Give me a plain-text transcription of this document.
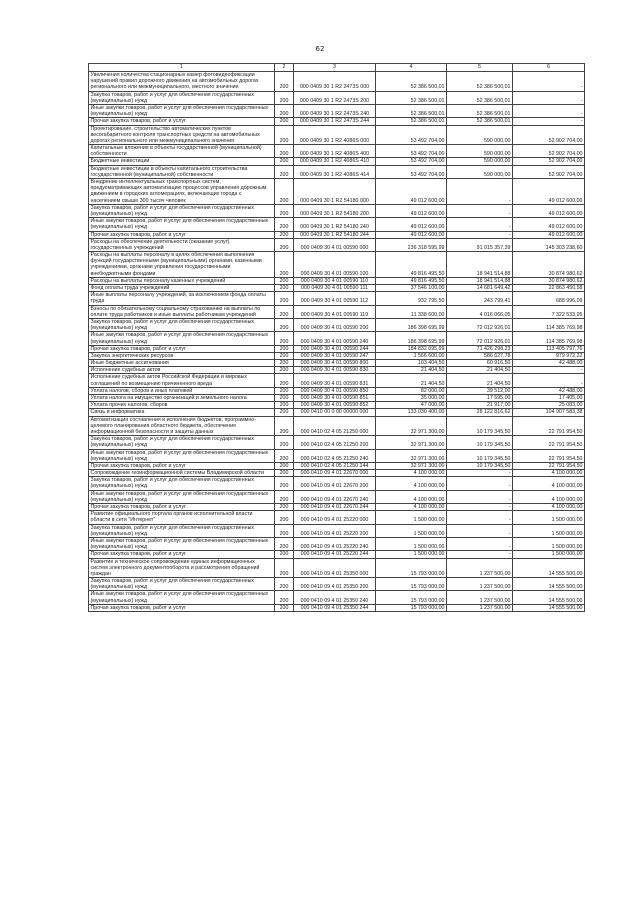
62
1	2	3	4	5	6
Увеличения количества стационарных камер фотовидеофиксации нарушений правил дорожного движения на автомобильных дорогах регионального или межмуниципального, местного значения	200	000 0409 30 1 R2 2473S 000	52 386 500,01	52 386 500,01	-
Закупка товаров, работ и услуг для обеспечения государственных (муниципальных) нужд	200	000 0409 30 1 R2 2473S 200	52 386 500,01	52 386 500,01	-
Иные закупки товаров, работ и услуг для обеспечения государственных (муниципальных) нужд	200	000 0409 30 1 R2 2473S 240	52 386 500,01	52 386 500,01	-
Прочая закупка товаров, работ и услуг	200	000 0409 30 1 R2 2473S 244	52 386 500,01	52 386 500,01	-
Проектирование, строительство автоматических пунктов весогабаритного контроля транспортных средств на автомобильных дорогах регионального или межмуниципального значения	200	000 0409 30 1 R2 4086S 000	53 492 704,00	590 000,00	52 902 704,00
Капитальные вложения в объекты государственной (муниципальной) собственности	200	000 0409 30 1 R2 4086S 400	53 492 704,00	590 000,00	52 902 704,00
Бюджетные инвестиции	200	000 0409 30 1 R2 4086S 410	53 492 704,00	590 000,00	52 902 704,00
Бюджетные инвестиции в объекты капитального строительства государственной (муниципальной) собственности	200	000 0409 30 1 R2 4086S 414	53 492 704,00	590 000,00	52 902 704,00
Внедрение интеллектуальных транспортных систем, предусматривающих автоматизацию процессов управления дорожным движением в городских агломерациях, включающих города с населением свыше 300 тысяч человек	200	000 0409 30 1 R2 54180 000	49 012 600,00	-	49 012 600,00
Закупка товаров, работ и услуг для обеспечения государственных (муниципальных) нужд	200	000 0409 30 1 R2 54180 200	49 012 600,00	-	49 012 600,00
Иные закупки товаров, работ и услуг для обеспечения государственных (муниципальных) нужд	200	000 0409 30 1 R2 54180 240	49 012 600,00	-	49 012 600,00
Прочая закупка товаров, работ и услуг	200	000 0409 30 1 R2 54180 244	49 012 600,00	-	49 012 600,00
Расходы на обеспечение деятельности (оказание услуг) государственных учреждений	200	000 0409 30 4 01 00590 000	236 318 595,99	91 015 357,39	145 303 238,60
Расходы на выплаты персоналу в целях обеспечения выполнения функций государственными (муниципальными) органами, казенными учреждениями, органами управления государственными внебюджетными фондами	200	000 0409 30 4 01 00590 100	49 816 495,50	18 941 514,88	30 874 980,62
Расходы на выплаты персоналу казенных учреждений	200	000 0409 30 4 01 00590 110	49 816 495,50	18 941 514,88	30 874 980,62
Фонд оплаты труда учреждений	200	000 0409 30 4 01 00590 111	37 546 100,00	14 681 649,42	22 863 450,58
Иные выплаты персоналу учреждений, за исключением фонда оплаты труда	200	000 0409 30 4 01 00590 112	932 795,50	243 799,41	688 996,09
Взносы по обязательному социальному страхованию на выплаты по оплате труда работников и иные выплаты работникам учреждений	200	000 0409 30 4 01 00590 119	11 338 600,00	4 016 066,05	7 322 533,95
Закупка товаров, работ и услуг для обеспечения государственных (муниципальных) нужд	200	000 0409 30 4 01 00590 200	186 398 695,99	72 012 926,01	114 385 769,98
Иные закупки товаров, работ и услуг для обеспечения государственных (муниципальных) нужд	200	000 0409 30 4 01 00590 240	186 398 695,99	72 012 926,01	114 385 769,98
Прочая закупка товаров, работ и услуг	200	000 0409 30 4 01 00590 244	184 832 095,99	71 426 298,23	113 405 797,76
Закупка энергетических ресурсов	200	000 0409 30 4 01 00590 247	1 566 600,00	586 627,78	979 972,22
Иные бюджетные ассигнования	200	000 0409 30 4 01 00590 800	103 404,50	60 916,50	42 488,00
Исполнение судебных актов	200	000 0409 30 4 01 00590 830	21 404,50	21 404,50	-
Исполнение судебных актов Российской Федерации и мировых соглашений по возмещению причиненного вреда	200	000 0409 30 4 01 00590 831	21 404,50	21 404,50	-
Уплата налогов, сборов и иных платежей	200	000 0409 30 4 01 00590 850	82 000,00	39 512,00	42 488,00
Уплата налога на имущество организаций и земельного налога	200	000 0409 30 4 01 00590 851	35 000,00	17 595,00	17 405,00
Уплата прочих налогов, сборов	200	000 0409 30 4 01 00590 852	47 000,00	21 917,00	25 083,00
Связь и информатика	200	000 0410 00 0 00 00000 000	133 030 400,00	28 122 816,62	104 907 583,38
Автоматизация составления и исполнения бюджетов, программно-целевого планирования областного бюджета, обеспечение информационной безопасности и защиты данных	200	000 0410 02 4 05 21250 000	32 971 300,00	10 179 345,50	22 791 954,50
Закупка товаров, работ и услуг для обеспечения государственных (муниципальных) нужд	200	000 0410 02 4 05 21250 200	32 971 300,00	10 179 345,50	22 791 954,50
Иные закупки товаров, работ и услуг для обеспечения государственных (муниципальных) нужд	200	000 0410 02 4 05 21250 240	32 971 300,00	10 179 345,50	22 791 954,50
Прочая закупка товаров, работ и услуг	200	000 0410 02 4 05 21250 244	32 971 300,00	10 179 345,50	22 791 954,50
Сопровождение геоинформационной системы Владимирской области	200	000 0410 09 4 01 22670 000	4 100 000,00	-	4 100 000,00
Закупка товаров, работ и услуг для обеспечения государственных (муниципальных) нужд	200	000 0410 09 4 01 22670 200	4 100 000,00	-	4 100 000,00
Иные закупки товаров, работ и услуг для обеспечения государственных (муниципальных) нужд	200	000 0410 09 4 01 22670 240	4 100 000,00	-	4 100 000,00
Прочая закупка товаров, работ и услуг	200	000 0410 09 4 01 22670 244	4 100 000,00	-	4 100 000,00
Развитие официального портала органов исполнительной власти области в сети "Интернет"	200	000 0410 09 4 01 25220 000	1 500 000,00	-	1 500 000,00
Закупка товаров, работ и услуг для обеспечения государственных (муниципальных) нужд	200	000 0410 09 4 01 25220 200	1 500 000,00	-	1 500 000,00
Иные закупки товаров, работ и услуг для обеспечения государственных (муниципальных) нужд	200	000 0410 09 4 01 25220 240	1 500 000,00	-	1 500 000,00
Прочая закупка товаров, работ и услуг	200	000 0410 09 4 01 25220 244	1 500 000,00	-	1 500 000,00
Развитие и техническое сопровождение единых информационных систем электронного документооборота и рассмотрения обращений граждан	200	000 0410 09 4 01 25350 000	15 793 000,00	1 237 500,00	14 555 500,00
Закупка товаров, работ и услуг для обеспечения государственных (муниципальных) нужд	200	000 0410 09 4 01 25350 200	15 793 000,00	1 237 500,00	14 555 500,00
Иные закупки товаров, работ и услуг для обеспечения государственных (муниципальных) нужд	200	000 0410 09 4 01 25350 240	15 793 000,00	1 237 500,00	14 555 500,00
Прочая закупка товаров, работ и услуг	200	000 0410 09 4 01 25350 244	15 793 000,00	1 237 500,00	14 555 500,00
